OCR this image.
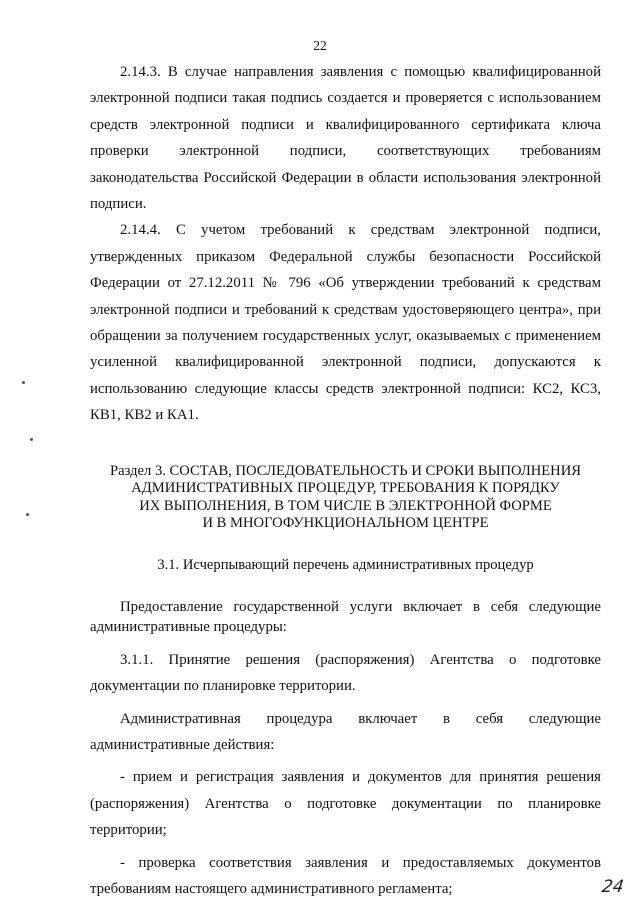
22

2.14.3. В случае направления заявления с помощью квалифицированной электронной подписи такая подпись создается и проверяется с использованием средств электронной подписи и квалифицированного сертификата ключа проверки электронной подписи, соответствующих требованиям законодательства Российской Федерации в области использования электронной подписи.

2.14.4. С учетом требований к средствам электронной подписи, утвержденных приказом Федеральной службы безопасности Российской Федерации от 27.12.2011 № 796 «Об утверждении требований к средствам электронной подписи и требований к средствам удостоверяющего центра», при обращении за получением государственных услуг, оказываемых с применением усиленной квалифицированной электронной подписи, допускаются к использованию следующие классы средств электронной подписи: КС2, КС3, КВ1, КВ2 и КА1.

Раздел 3. СОСТАВ, ПОСЛЕДОВАТЕЛЬНОСТЬ И СРОКИ ВЫПОЛНЕНИЯ
АДМИНИСТРАТИВНЫХ ПРОЦЕДУР, ТРЕБОВАНИЯ К ПОРЯДКУ
ИХ ВЫПОЛНЕНИЯ, В ТОМ ЧИСЛЕ В ЭЛЕКТРОННОЙ ФОРМЕ
И В МНОГОФУНКЦИОНАЛЬНОМ ЦЕНТРЕ

3.1. Исчерпывающий перечень административных процедур

Предоставление государственной услуги включает в себя следующие административные процедуры:

3.1.1. Принятие решения (распоряжения) Агентства о подготовке документации по планировке территории.

Административная процедура включает в себя следующие административные действия:

- прием и регистрация заявления и документов для принятия решения (распоряжения) Агентства о подготовке документации по планировке территории;

- проверка соответствия заявления и предоставляемых документов требованиям настоящего административного регламента;	24
